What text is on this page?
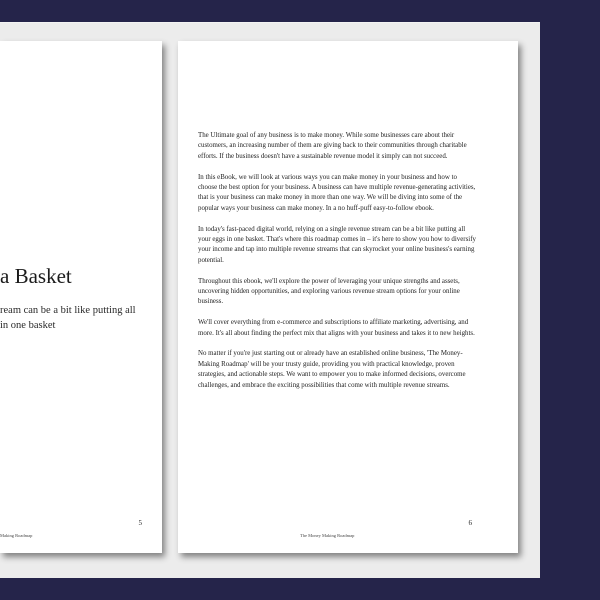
a Basket
ream can be a bit like putting all
in one basket
5
Making Roadmap

The Ultimate goal of any business is to make money. While some businesses care about their customers, an increasing number of them are giving back to their communities through charitable efforts. If the business doesn't have a sustainable revenue model it simply can not succeed.

In this eBook, we will look at various ways you can make money in your business and how to choose the best option for your business. A business can have multiple revenue-generating activities, that is your business can make money in more than one way. We will be diving into some of the popular ways your business can make money. In a no huff-puff easy-to-follow ebook.

In today's fast-paced digital world, relying on a single revenue stream can be a bit like putting all your eggs in one basket. That's where this roadmap comes in – it's here to show you how to diversify your income and tap into multiple revenue streams that can skyrocket your online business's earning potential.

Throughout this ebook, we'll explore the power of leveraging your unique strengths and assets, uncovering hidden opportunities, and exploring various revenue stream options for your online business.

We'll cover everything from e-commerce and subscriptions to affiliate marketing, advertising, and more. It's all about finding the perfect mix that aligns with your business and takes it to new heights.

No matter if you're just starting out or already have an established online business, 'The Money-Making Roadmap' will be your trusty guide, providing you with practical knowledge, proven strategies, and actionable steps. We want to empower you to make informed decisions, overcome challenges, and embrace the exciting possibilities that come with multiple revenue streams.

6
The Money Making Roadmap
